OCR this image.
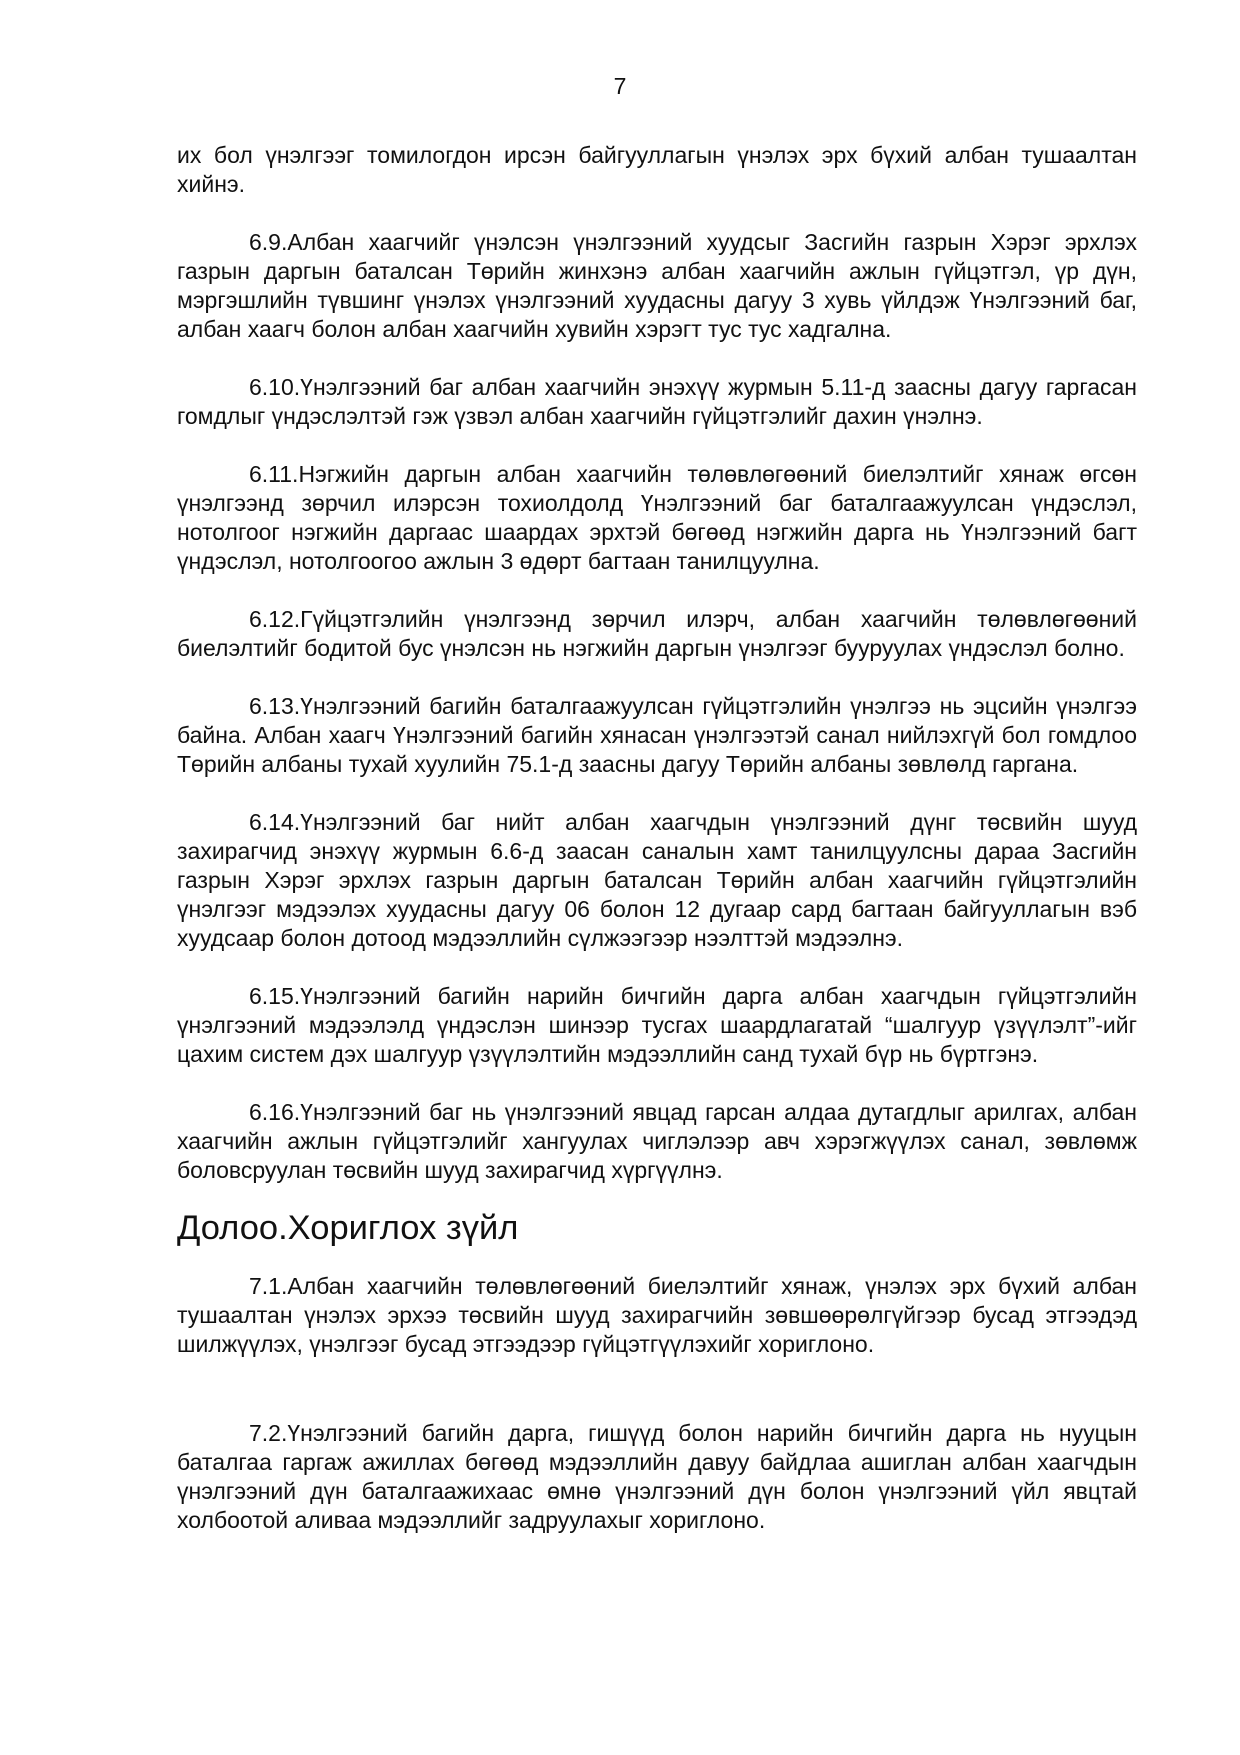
7

их бол үнэлгээг томилогдон ирсэн байгууллагын үнэлэх эрх бүхий албан тушаалтан хийнэ.

6.9.Албан хаагчийг үнэлсэн үнэлгээний хуудсыг Засгийн газрын Хэрэг эрхлэх газрын даргын баталсан Төрийн жинхэнэ албан хаагчийн ажлын гүйцэтгэл, үр дүн, мэргэшлийн түвшинг үнэлэх үнэлгээний хуудасны дагуу 3 хувь үйлдэж Үнэлгээний баг, албан хаагч болон албан хаагчийн хувийн хэрэгт тус тус хадгална.

6.10.Үнэлгээний баг албан хаагчийн энэхүү журмын 5.11-д заасны дагуу гаргасан гомдлыг үндэслэлтэй гэж үзвэл албан хаагчийн гүйцэтгэлийг дахин үнэлнэ.

6.11.Нэгжийн даргын албан хаагчийн төлөвлөгөөний биелэлтийг хянаж өгсөн үнэлгээнд зөрчил илэрсэн тохиолдолд Үнэлгээний баг баталгаажуулсан үндэслэл, нотолгоог нэгжийн даргаас шаардах эрхтэй бөгөөд нэгжийн дарга нь Үнэлгээний багт үндэслэл, нотолгоогоо ажлын 3 өдөрт багтаан танилцуулна.

6.12.Гүйцэтгэлийн үнэлгээнд зөрчил илэрч, албан хаагчийн төлөвлөгөөний биелэлтийг бодитой бус үнэлсэн нь нэгжийн даргын үнэлгээг бууруулах үндэслэл болно.

6.13.Үнэлгээний багийн баталгаажуулсан гүйцэтгэлийн үнэлгээ нь эцсийн үнэлгээ байна. Албан хаагч Үнэлгээний багийн хянасан үнэлгээтэй санал нийлэхгүй бол гомдлоо Төрийн албаны тухай хуулийн 75.1-д заасны дагуу Төрийн албаны зөвлөлд гаргана.

6.14.Үнэлгээний баг нийт албан хаагчдын үнэлгээний дүнг төсвийн шууд захирагчид энэхүү журмын 6.6-д заасан саналын хамт танилцуулсны дараа Засгийн газрын Хэрэг эрхлэх газрын даргын баталсан Төрийн албан хаагчийн гүйцэтгэлийн үнэлгээг мэдээлэх хуудасны дагуу 06 болон 12 дугаар сард багтаан байгууллагын вэб хуудсаар болон дотоод мэдээллийн сүлжээгээр нээлттэй мэдээлнэ.

6.15.Үнэлгээний багийн нарийн бичгийн дарга албан хаагчдын гүйцэтгэлийн үнэлгээний мэдээлэлд үндэслэн шинээр тусгах шаардлагатай “шалгуур үзүүлэлт”-ийг цахим систем дэх шалгуур үзүүлэлтийн мэдээллийн санд тухай бүр нь бүртгэнэ.

6.16.Үнэлгээний баг нь үнэлгээний явцад гарсан алдаа дутагдлыг арилгах, албан хаагчийн ажлын гүйцэтгэлийг хангуулах чиглэлээр авч хэрэгжүүлэх санал, зөвлөмж боловсруулан төсвийн шууд захирагчид хүргүүлнэ.

Долоо.Хориглох зүйл

7.1.Албан хаагчийн төлөвлөгөөний биелэлтийг хянаж, үнэлэх эрх бүхий албан тушаалтан үнэлэх эрхээ төсвийн шууд захирагчийн зөвшөөрөлгүйгээр бусад этгээдэд шилжүүлэх, үнэлгээг бусад этгээдээр гүйцэтгүүлэхийг хориглоно.

7.2.Үнэлгээний багийн дарга, гишүүд болон нарийн бичгийн дарга нь нууцын баталгаа гаргаж ажиллах бөгөөд мэдээллийн давуу байдлаа ашиглан албан хаагчдын үнэлгээний дүн баталгаажихаас өмнө үнэлгээний дүн болон үнэлгээний үйл явцтай холбоотой аливаа мэдээллийг задруулахыг хориглоно.
